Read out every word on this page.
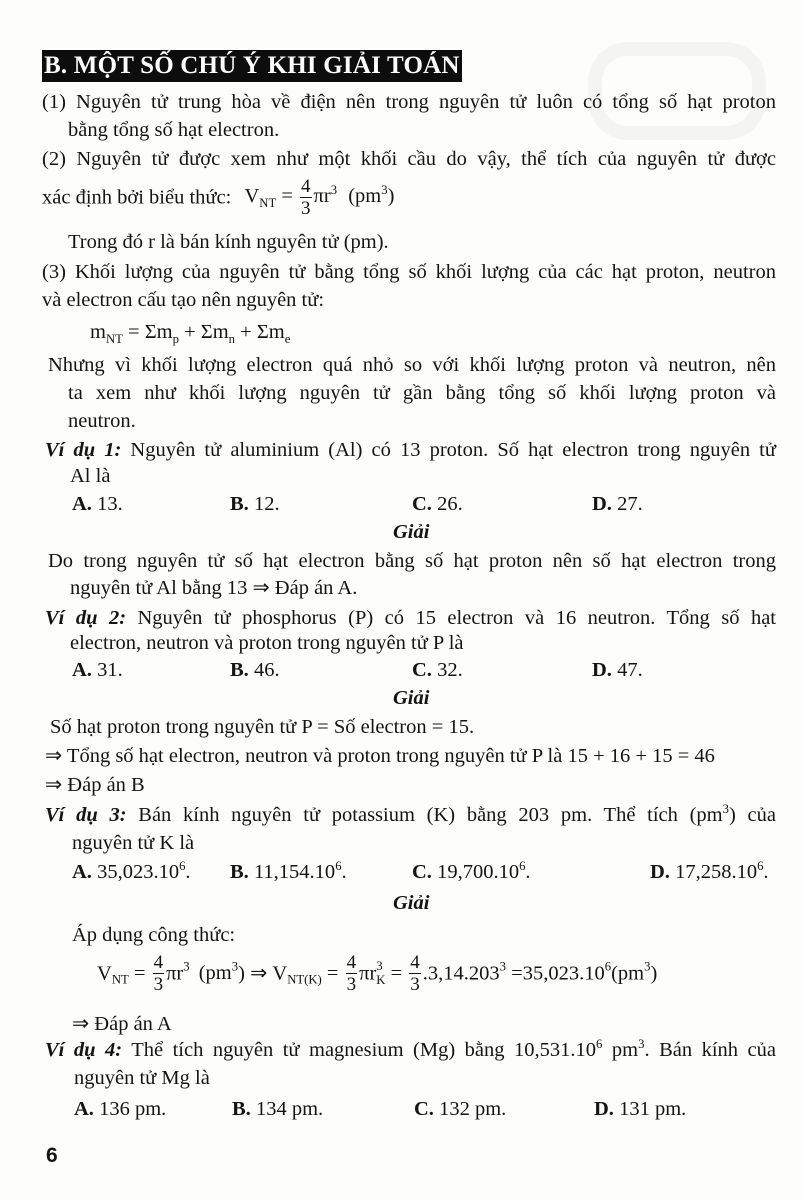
B. MỘT SỐ CHÚ Ý KHI GIẢI TOÁN
(1) Nguyên tử trung hòa về điện nên trong nguyên tử luôn có tổng số hạt proton
bằng tổng số hạt electron.
(2) Nguyên tử được xem như một khối cầu do vậy, thể tích của nguyên tử được
xác định bởi biểu thức: $V_{NT} = \frac{4}{3} \pi r^3$ $(pm^3)$
Trong đó r là bán kính nguyên tử (pm).
(3) Khối lượng của nguyên tử bằng tổng số khối lượng của các hạt proton, neutron
và electron cấu tạo nên nguyên tử:
$m_{NT} = \Sigma m_p + \Sigma m_n + \Sigma m_e$
Nhưng vì khối lượng electron quá nhỏ so với khối lượng proton và neutron, nên
ta xem như khối lượng nguyên tử gần bằng tổng số khối lượng proton và
neutron.
Ví dụ 1: Nguyên tử aluminium (Al) có 13 proton. Số hạt electron trong nguyên tử
Al là
A. 13.	B. 12.	C. 26.	D. 27.
Giải
Do trong nguyên tử số hạt electron bằng số hạt proton nên số hạt electron trong
nguyên tử Al bằng 13 ⇒ Đáp án A.
Ví dụ 2: Nguyên tử phosphorus (P) có 15 electron và 16 neutron. Tổng số hạt
electron, neutron và proton trong nguyên tử P là
A. 31.	B. 46.	C. 32.	D. 47.
Giải
Số hạt proton trong nguyên tử P = Số electron = 15.
⇒ Tổng số hạt electron, neutron và proton trong nguyên tử P là 15 + 16 + 15 = 46
⇒ Đáp án B
Ví dụ 3: Bán kính nguyên tử potassium (K) bằng 203 pm. Thể tích $(pm^3)$ của
nguyên tử K là
A. 35,023.10$^6$. B. 11,154.10$^6$.	C. 19,700.10$^6$.	D. 17,258.10$^6$.
Giải
Áp dụng công thức:
$V_{NT} = \frac{4}{3} \pi r^3$ $(pm^3)$ ⇒ $V_{NT(K)} = \frac{4}{3}$ πr 3
$K = \frac{4}{3} .3,14.203^3 =35,023.10^6(pm^3)$
⇒ Đáp án A
Ví dụ 4: Thể tích nguyên tử magnesium (Mg) bằng 10,531.10$^6$ $pm^3$. Bán kính của
nguyên tử Mg là
A. 136 pm.	B. 134 pm.	C. 132 pm.	D. 131 pm.
6
